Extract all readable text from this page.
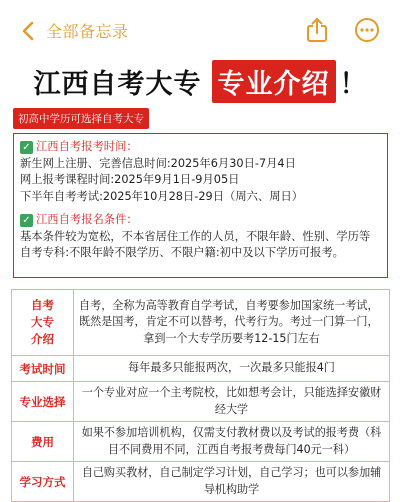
全部备忘录
江西自考大专 专业介绍 ！
初高中学历可选择自考大专
✓ 江西自考报考时间：
新生网上注册、完善信息时间:2025年6月30日-7月4日
网上报考课程时间:2025年9月1日-9月05日
下半年自考考试:2025年10月28日-29日（周六、周日）
✓ 江西自考报名条件：
基本条件较为宽松，不本省居住工作的人员，不限年龄、性别、学历等
自考专科:不限年龄不限学历、不限户籍:初中及以下学历可报考。
自考大专介绍	自考，全称为高等教育自学考试，自考要参加国家统一考试，
既然是国考，肯定不可以替考，代考行为。考过一门算一门，
拿到一个大专学历要考12-15门左右

考试时间	每年最多只能报两次，一次最多只能报4门

专业选择	一个专业对应一个主考院校，比如想考会计，只能选择安徽财
经大学

费用	如果不参加培训机构，仅需支付教材费以及考试的报考费（科
目不同费用不同，江西自考报考费每门40元一科）

学习方式	自己购买教材，自己制定学习计划，自己学习；也可以参加辅
导机构助学
